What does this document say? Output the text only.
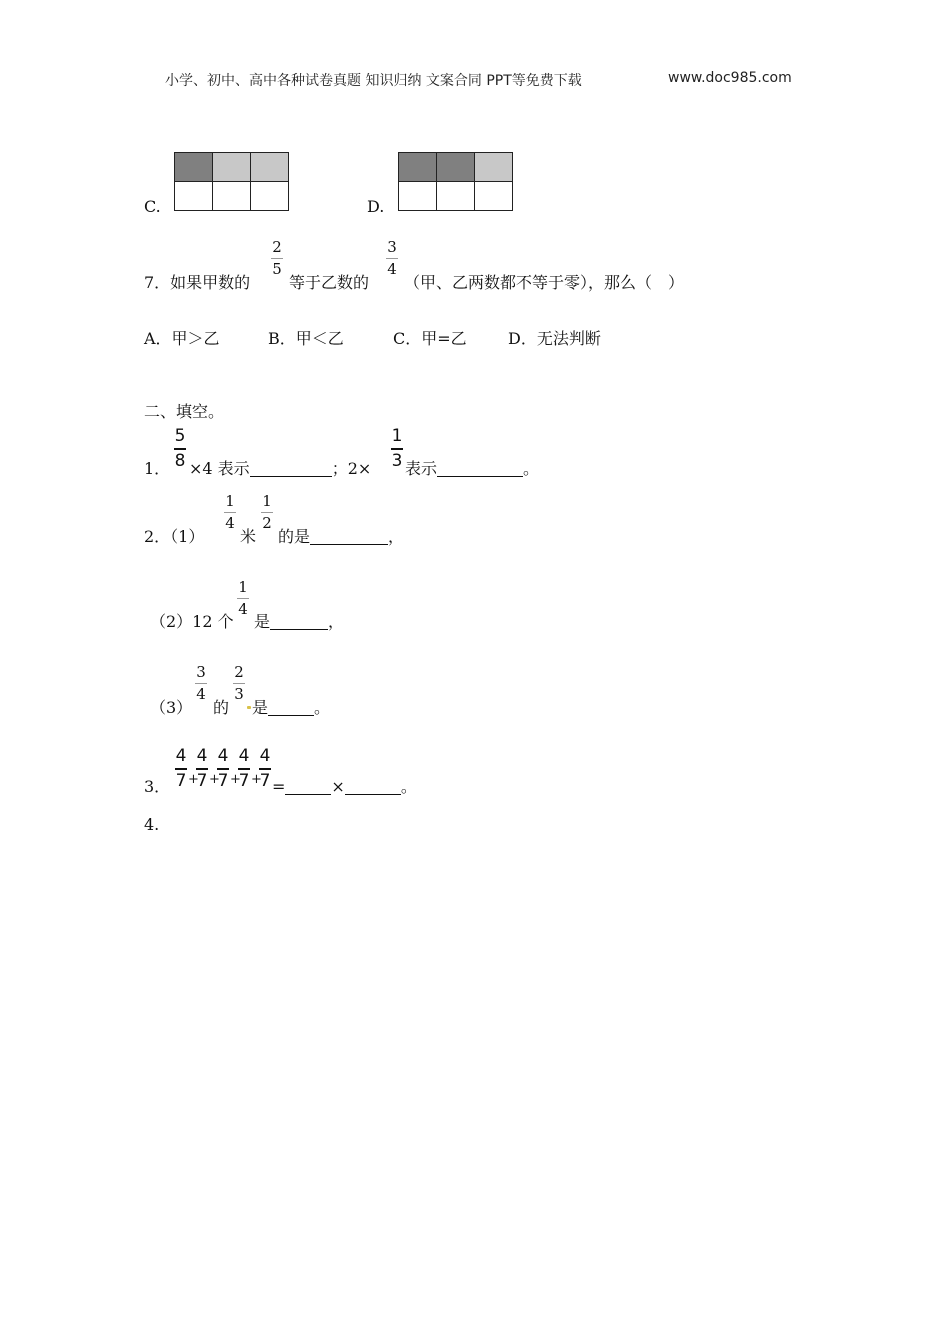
小学、初中、高中各种试卷真题 知识归纳 文案合同 PPT等免费下载	www.doc985.com
C.

			D.

7．如果甲数的
2
5
等于乙数的
3
4
（甲、乙两数都不等于零），那么（　）
A．甲＞乙	B．甲＜乙	C．甲=乙	D．无法判断
二、填空。
1．
5
8 ×4 表示	；2×
1
3 表示	。
2．（1）
1
4
米
1
2
的是	，
（2）12 个
1
4
是	，
（3）
3
4
的
2
3
是	。
3．
4
7 +
4
7 +
4
7 +
4
7 +
4
7 =	×	。
4.
